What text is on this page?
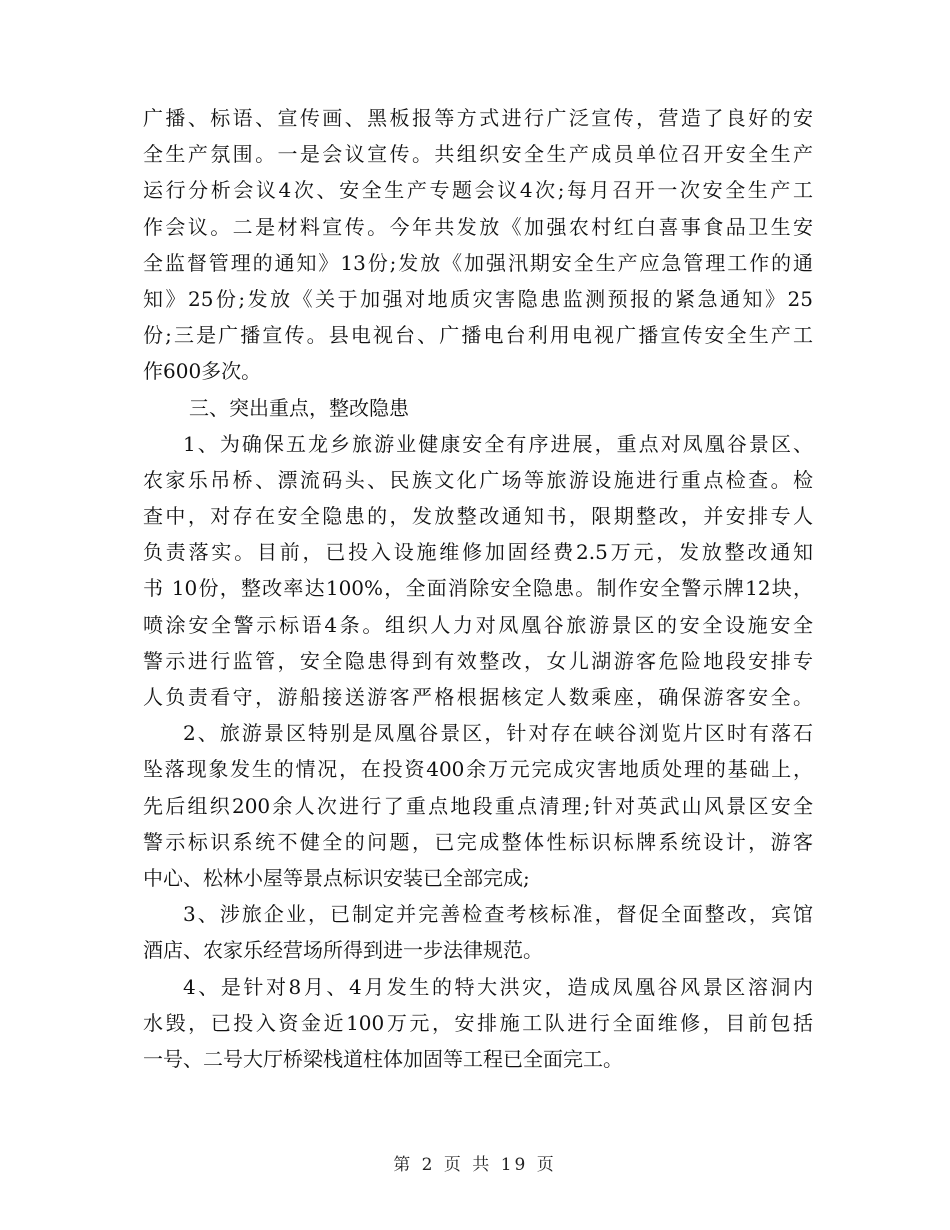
广播、标语、宣传画、黑板报等方式进行广泛宣传，营造了良好的安
全生产氛围。一是会议宣传。共组织安全生产成员单位召开安全生产
运行分析会议4次、安全生产专题会议4次;每月召开一次安全生产工
作会议。二是材料宣传。今年共发放《加强农村红白喜事食品卫生安
全监督管理的通知》13份;发放《加强汛期安全生产应急管理工作的通
知》25份;发放《关于加强对地质灾害隐患监测预报的紧急通知》25
份;三是广播宣传。县电视台、广播电台利用电视广播宣传安全生产工
作600多次。
三、突出重点，整改隐患
1、为确保五龙乡旅游业健康安全有序进展，重点对凤凰谷景区、
农家乐吊桥、漂流码头、民族文化广场等旅游设施进行重点检查。检
查中，对存在安全隐患的，发放整改通知书，限期整改，并安排专人
负责落实。目前，已投入设施维修加固经费2.5万元，发放整改通知
书 10份，整改率达100%，全面消除安全隐患。制作安全警示牌12块，
喷涂安全警示标语4条。组织人力对凤凰谷旅游景区的安全设施安全
警示进行监管，安全隐患得到有效整改，女儿湖游客危险地段安排专
人负责看守，游船接送游客严格根据核定人数乘座，确保游客安全。
2、旅游景区特别是凤凰谷景区，针对存在峡谷浏览片区时有落石
坠落现象发生的情况，在投资400余万元完成灾害地质处理的基础上，
先后组织200余人次进行了重点地段重点清理;针对英武山风景区安全
警示标识系统不健全的问题，已完成整体性标识标牌系统设计，游客
中心、松林小屋等景点标识安装已全部完成;
3、涉旅企业，已制定并完善检查考核标准，督促全面整改，宾馆
酒店、农家乐经营场所得到进一步法律规范。
4、是针对8月、4月发生的特大洪灾，造成凤凰谷风景区溶洞内
水毁，已投入资金近100万元，安排施工队进行全面维修，目前包括
一号、二号大厅桥梁栈道柱体加固等工程已全面完工。
第 2 页 共 19 页
